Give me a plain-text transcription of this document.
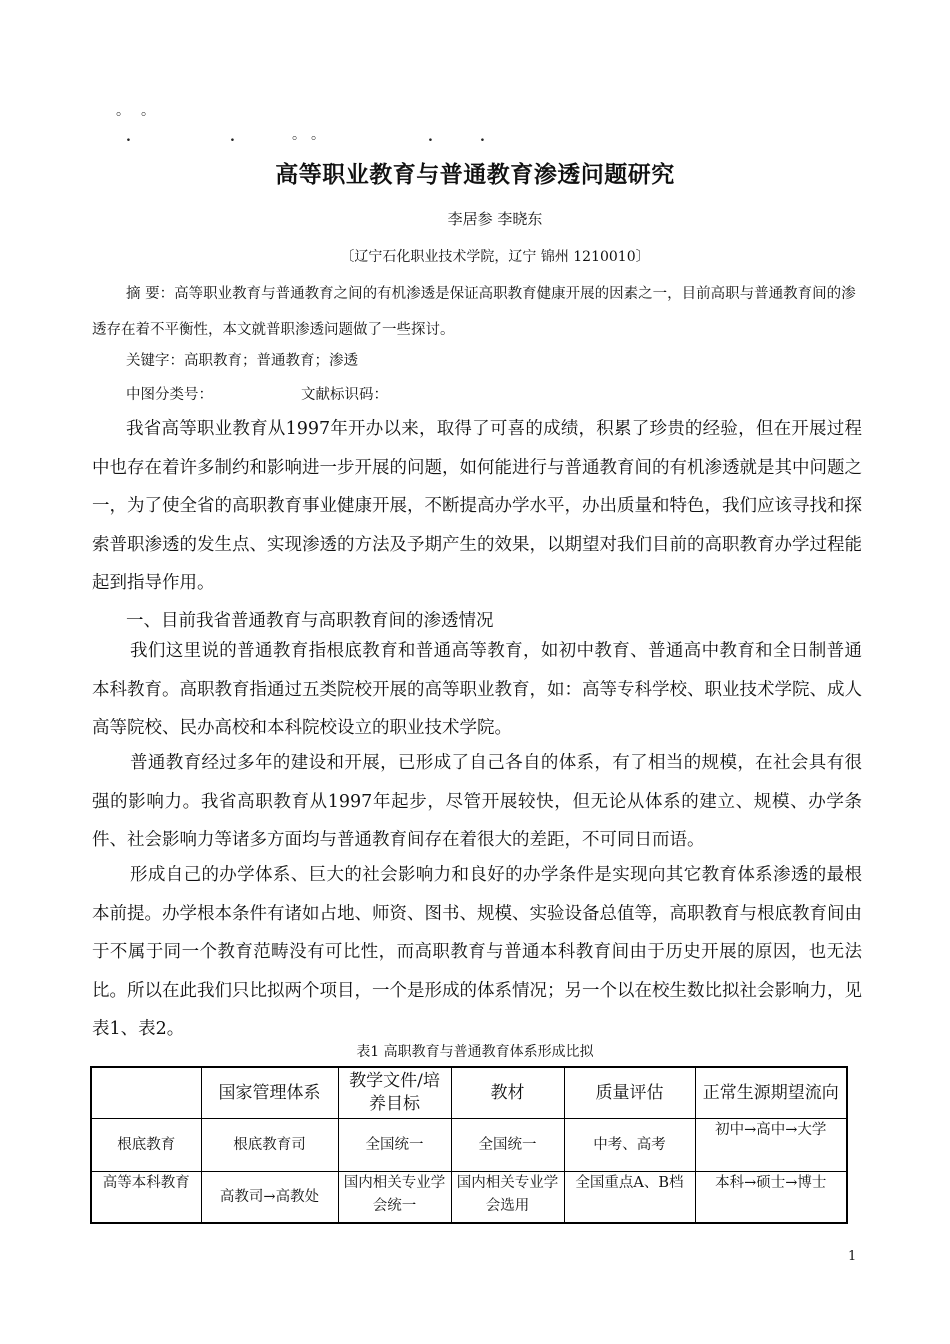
。。
.	.	。。	.	.
高等职业教育与普通教育渗透问题研究
李居参 李晓东
〔辽宁石化职业技术学院，辽宁 锦州 1210010〕
摘 要：高等职业教育与普通教育之间的有机渗透是保证高职教育健康开展的因素之一，目前高职与普通教育间的渗透存在着不平衡性，本文就普职渗透问题做了一些探讨。
关键字：高职教育；普通教育；渗透
中图分类号：	文献标识码：
我省高等职业教育从1997年开办以来，取得了可喜的成绩，积累了珍贵的经验，但在开展过程中也存在着许多制约和影响进一步开展的问题，如何能进行与普通教育间的有机渗透就是其中问题之一，为了使全省的高职教育事业健康开展，不断提高办学水平，办出质量和特色，我们应该寻找和探索普职渗透的发生点、实现渗透的方法及予期产生的效果，以期望对我们目前的高职教育办学过程能起到指导作用。
一、目前我省普通教育与高职教育间的渗透情况
我们这里说的普通教育指根底教育和普通高等教育，如初中教育、普通高中教育和全日制普通本科教育。高职教育指通过五类院校开展的高等职业教育，如：高等专科学校、职业技术学院、成人高等院校、民办高校和本科院校设立的职业技术学院。
普通教育经过多年的建设和开展，已形成了自己各自的体系，有了相当的规模，在社会具有很强的影响力。我省高职教育从1997年起步，尽管开展较快，但无论从体系的建立、规模、办学条件、社会影响力等诸多方面均与普通教育间存在着很大的差距，不可同日而语。
形成自己的办学体系、巨大的社会影响力和良好的办学条件是实现向其它教育体系渗透的最根本前提。办学根本条件有诸如占地、师资、图书、规模、实验设备总值等，高职教育与根底教育间由于不属于同一个教育范畴没有可比性，而高职教育与普通本科教育间由于历史开展的原因，也无法比。所以在此我们只比拟两个项目，一个是形成的体系情况；另一个以在校生数比拟社会影响力，见表1、表2。
表1 高职教育与普通教育体系形成比拟
	国家管理体系	教学文件/培养目标	教材	质量评估	正常生源期望流向
根底教育	根底教育司	全国统一	全国统一	中考、高考	初中→高中→大学
高等本科教育	高教司→高教处	国内相关专业学会统一	国内相关专业学会选用	全国重点A、B档	本科→硕士→博士
1
